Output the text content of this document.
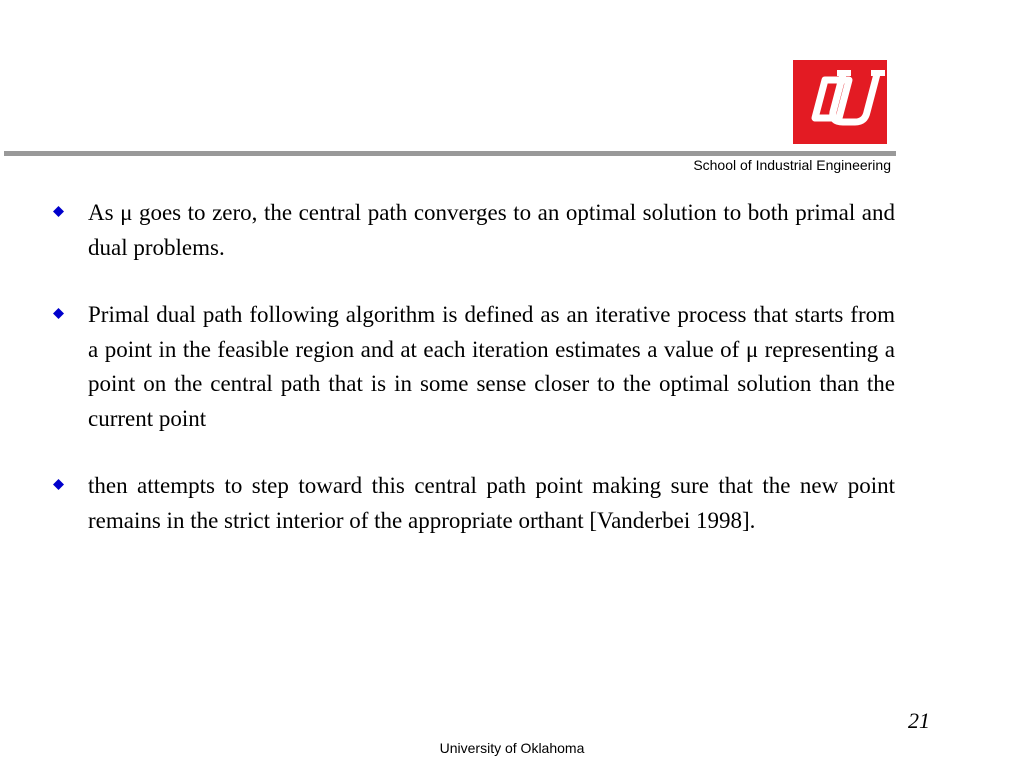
School of Industrial Engineering
As μ goes to zero, the central path converges to an optimal solution to both primal and dual problems.
Primal dual path following algorithm is defined as an iterative process that starts from a point in the feasible region and at each iteration estimates a value of μ representing a point on the central path that is in some sense closer to the optimal solution than the current point
then attempts to step toward this central path point making sure that the new point remains in the strict interior of the appropriate orthant [Vanderbei 1998].
21
University of Oklahoma
